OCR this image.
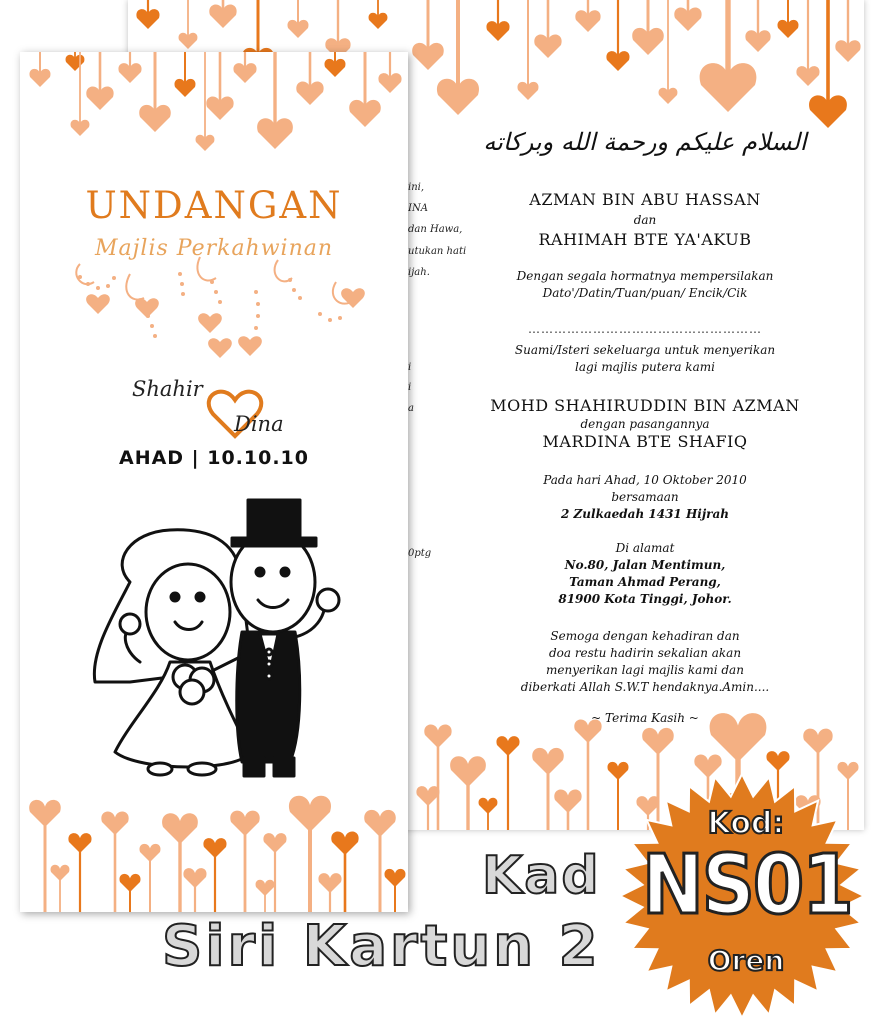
السلام عليكم ورحمة الله وبركاته
AZMAN BIN ABU HASSAN
dan
RAHIMAH BTE YA'AKUB
Dengan segala hormatnya mempersilakan
Dato'/Datin/Tuan/puan/ Encik/Cik
………………………………………………
Suami/Isteri sekeluarga untuk menyerikan
lagi majlis putera kami
MOHD SHAHIRUDDIN BIN AZMAN
dengan pasangannya
MARDINA BTE SHAFIQ
Pada hari Ahad, 10 Oktober 2010
bersamaan
2 Zulkaedah 1431 Hijrah
Di alamat
No.80, Jalan Mentimun,
Taman Ahmad Perang,
81900 Kota Tinggi, Johor.
Semoga dengan kehadiran dan
doa restu hadirin sekalian akan
menyerikan lagi majlis kami dan
diberkati Allah S.W.T hendaknya.Amin....
~ Terima Kasih ~
ini,
INA
dan Hawa,
utukan hati
ijah.
i
i
a
0ptg
UNDANGAN
Majlis Perkahwinan
Shahir
Dina
AHAD | 10.10.10
Kad
Siri Kartun 2
Kod:
NS01
Oren
